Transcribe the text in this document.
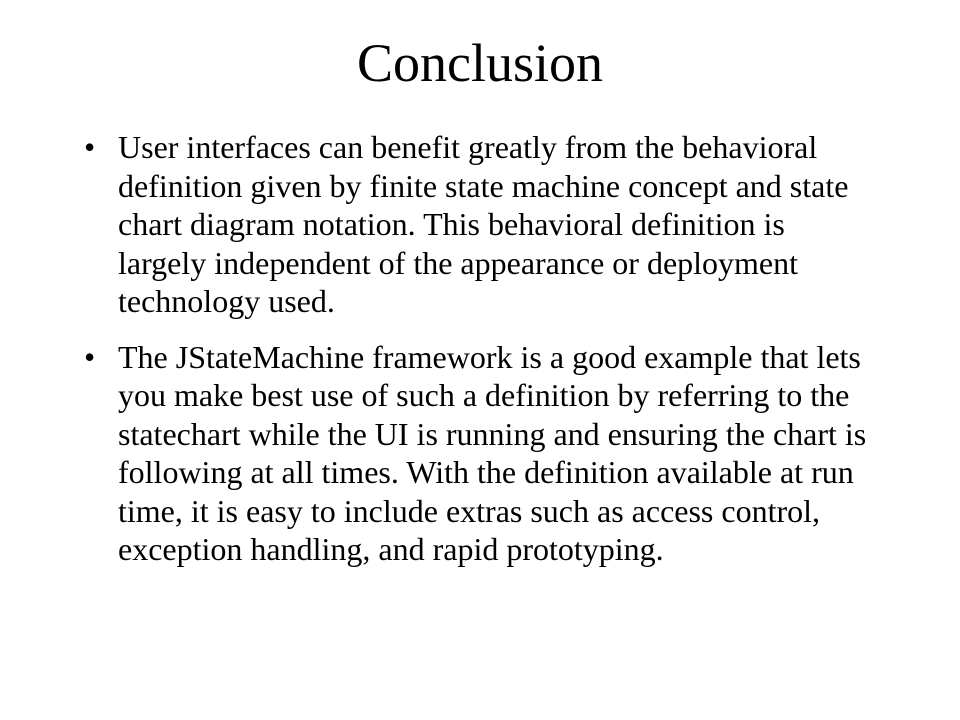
Conclusion
• User interfaces can benefit greatly from the behavioral definition given by finite state machine concept and state chart diagram notation. This behavioral definition is largely independent of the appearance or deployment technology used.
• The JStateMachine framework is a good example that lets you make best use of such a definition by referring to the statechart while the UI is running and ensuring the chart is following at all times. With the definition available at run time, it is easy to include extras such as access control, exception handling, and rapid prototyping.
